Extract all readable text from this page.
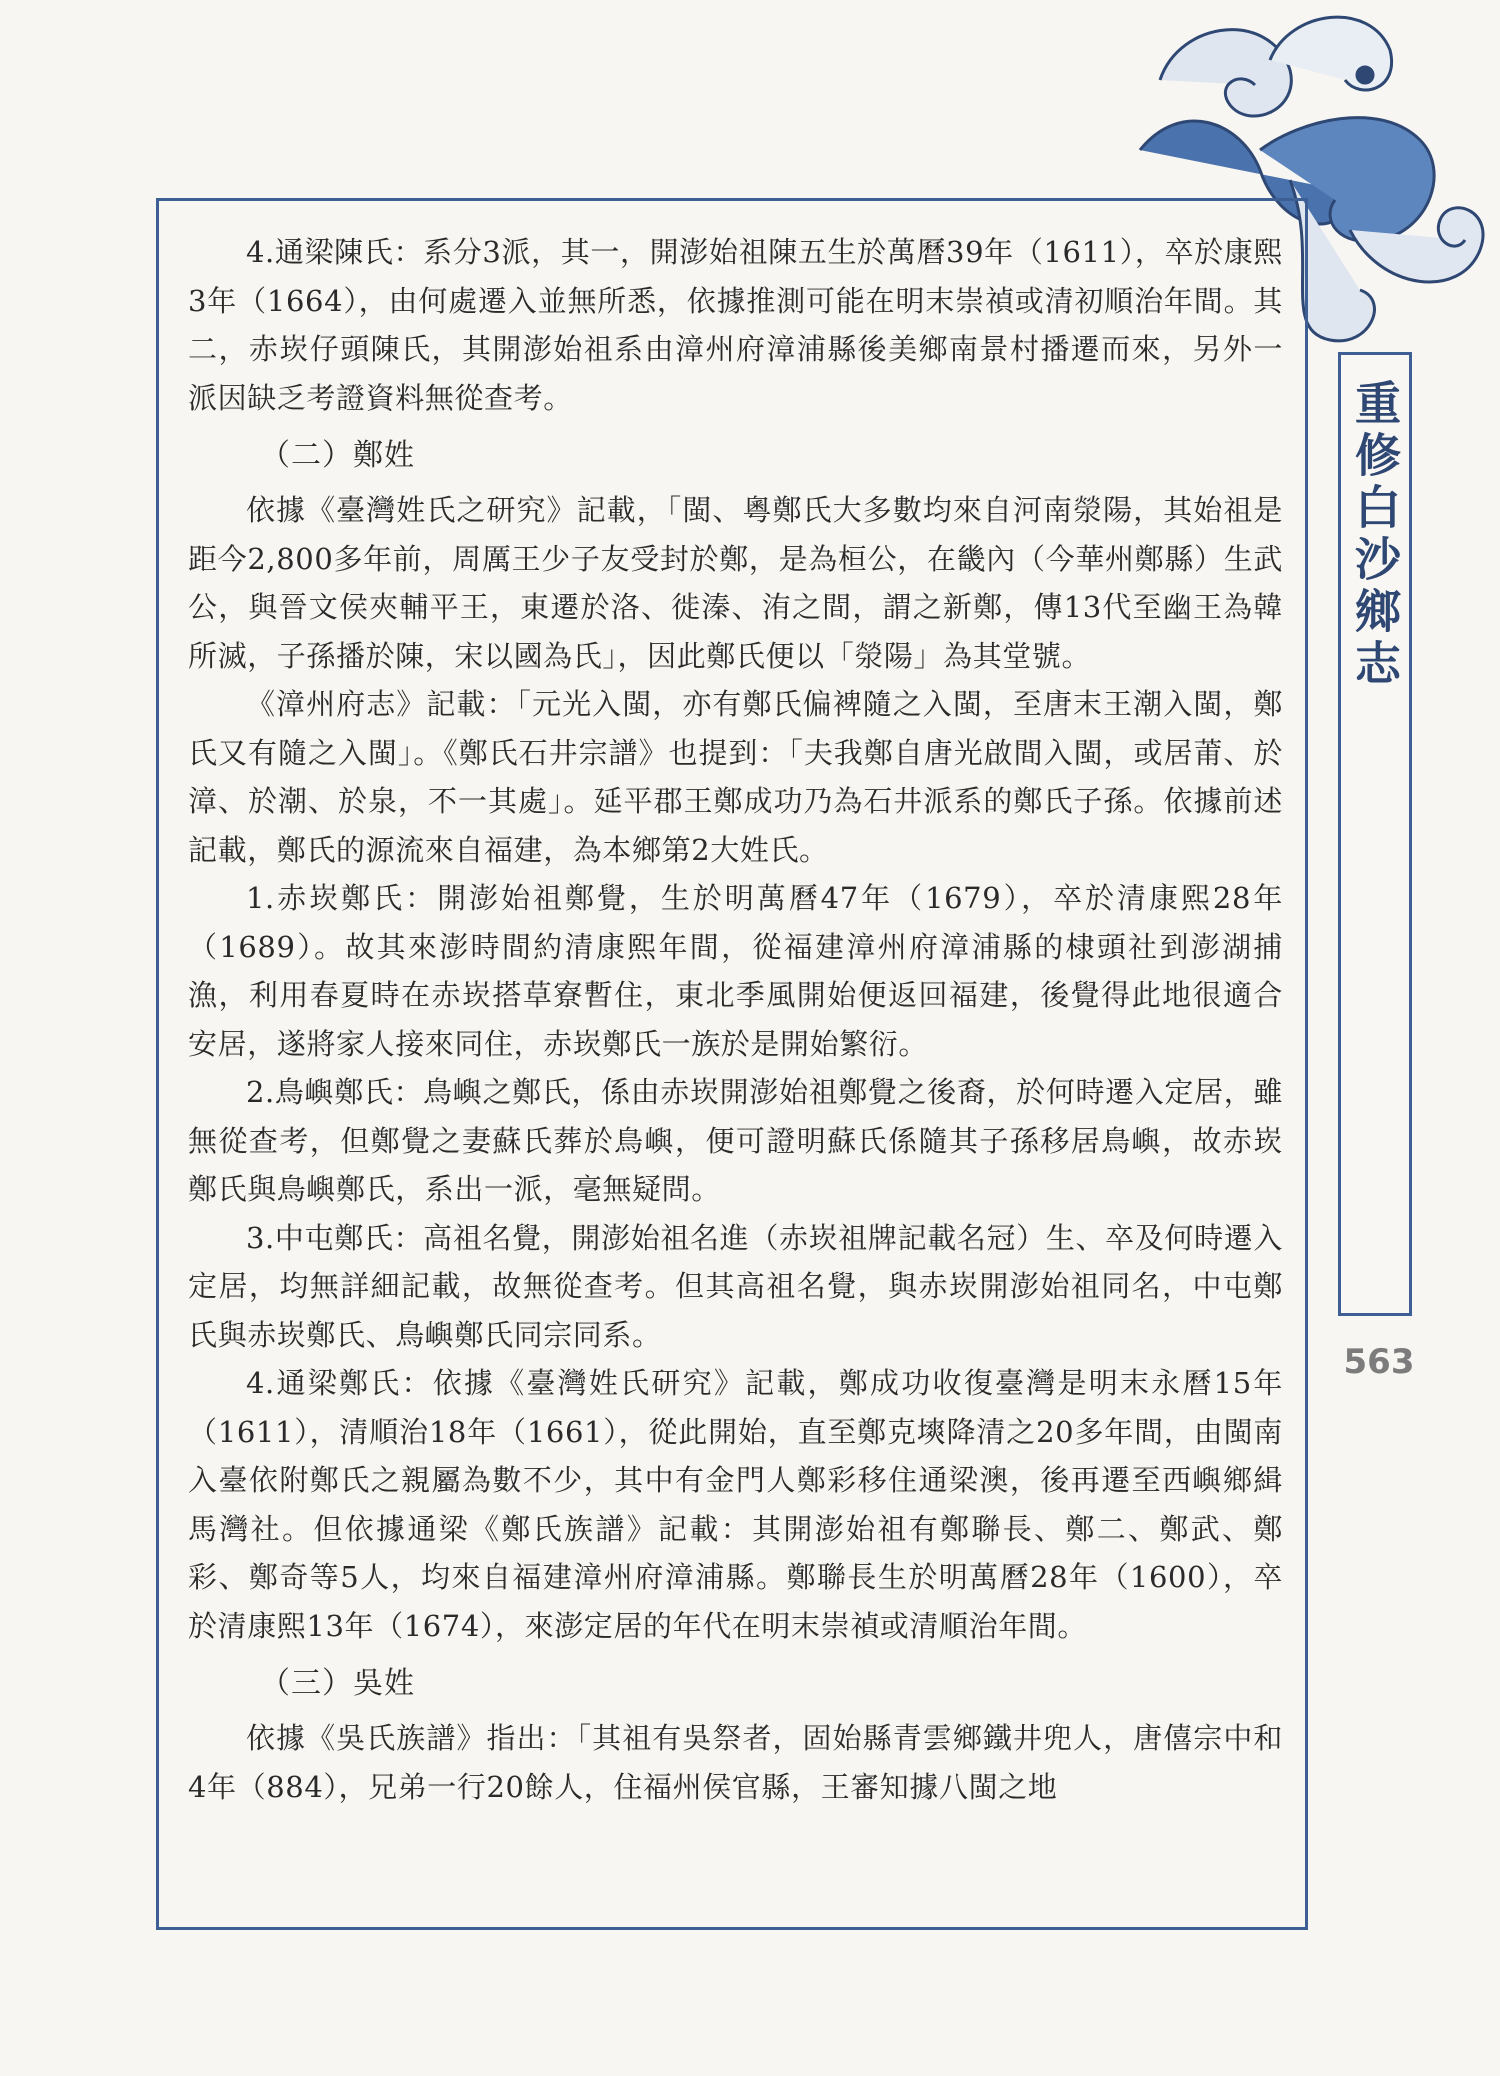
4.通梁陳氏：系分3派，其一，開澎始祖陳五生於萬曆39年（1611），卒於康熙3年（1664），由何處遷入並無所悉，依據推測可能在明末崇禎或清初順治年間。其二，赤崁仔頭陳氏，其開澎始祖系由漳州府漳浦縣後美鄉南景村播遷而來，另外一派因缺乏考證資料無從查考。

（二）鄭姓

依據《臺灣姓氏之研究》記載，「閩、粵鄭氏大多數均來自河南滎陽，其始祖是距今2,800多年前，周厲王少子友受封於鄭，是為桓公，在畿內（今華州鄭縣）生武公，與晉文侯夾輔平王，東遷於洛、徙溱、洧之間，謂之新鄭，傳13代至幽王為韓所滅，子孫播於陳，宋以國為氏」，因此鄭氏便以「滎陽」為其堂號。

《漳州府志》記載：「元光入閩，亦有鄭氏偏裨隨之入閩，至唐末王潮入閩，鄭氏又有隨之入閩」。《鄭氏石井宗譜》也提到：「夫我鄭自唐光啟間入閩，或居莆、於漳、於潮、於泉，不一其處」。延平郡王鄭成功乃為石井派系的鄭氏子孫。依據前述記載，鄭氏的源流來自福建，為本鄉第2大姓氏。

1.赤崁鄭氏：開澎始祖鄭覺，生於明萬曆47年（1679），卒於清康熙28年（1689）。故其來澎時間約清康熙年間，從福建漳州府漳浦縣的棣頭社到澎湖捕漁，利用春夏時在赤崁搭草寮暫住，東北季風開始便返回福建，後覺得此地很適合安居，遂將家人接來同住，赤崁鄭氏一族於是開始繁衍。

2.鳥嶼鄭氏：鳥嶼之鄭氏，係由赤崁開澎始祖鄭覺之後裔，於何時遷入定居，雖無從查考，但鄭覺之妻蘇氏葬於鳥嶼，便可證明蘇氏係隨其子孫移居鳥嶼，故赤崁鄭氏與鳥嶼鄭氏，系出一派，毫無疑問。

3.中屯鄭氏：高祖名覺，開澎始祖名進（赤崁祖牌記載名冠）生、卒及何時遷入定居，均無詳細記載，故無從查考。但其高祖名覺，與赤崁開澎始祖同名，中屯鄭氏與赤崁鄭氏、鳥嶼鄭氏同宗同系。

4.通梁鄭氏：依據《臺灣姓氏研究》記載，鄭成功收復臺灣是明末永曆15年（1611），清順治18年（1661），從此開始，直至鄭克塽降清之20多年間，由閩南入臺依附鄭氏之親屬為數不少，其中有金門人鄭彩移住通梁澳，後再遷至西嶼鄉緝馬灣社。但依據通梁《鄭氏族譜》記載：其開澎始祖有鄭聯長、鄭二、鄭武、鄭彩、鄭奇等5人，均來自福建漳州府漳浦縣。鄭聯長生於明萬曆28年（1600），卒於清康熙13年（1674），來澎定居的年代在明末崇禎或清順治年間。

（三）吳姓

依據《吳氏族譜》指出：「其祖有吳祭者，固始縣青雲鄉鐵井兜人，唐僖宗中和4年（884），兄弟一行20餘人，住福州侯官縣，王審知據八閩之地

重修白沙鄉志
563
